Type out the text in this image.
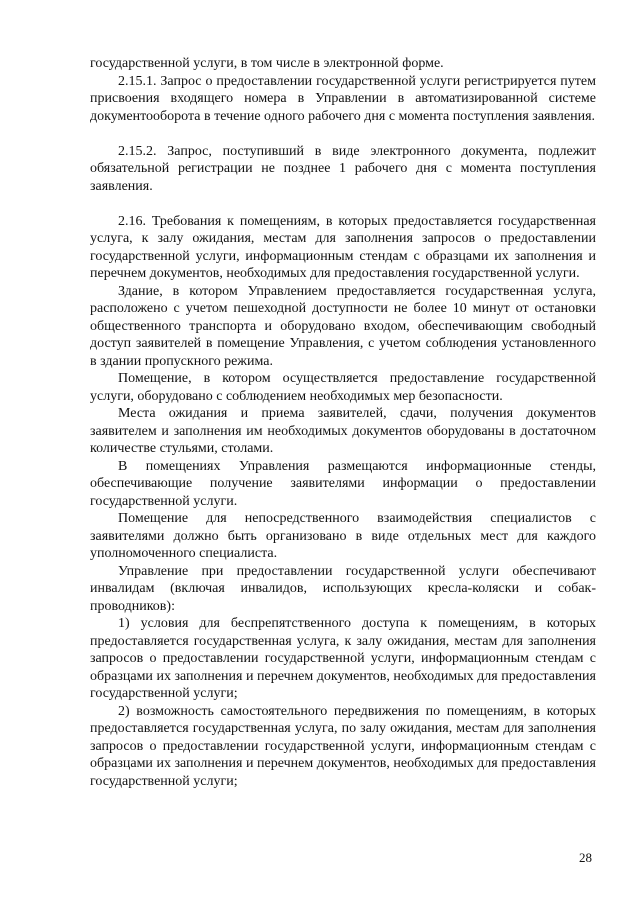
государственной услуги, в том числе в электронной форме.

2.15.1. Запрос о предоставлении государственной услуги регистрируется путем присвоения входящего номера в Управлении в автоматизированной системе документооборота в течение одного рабочего дня с момента поступления заявления.

2.15.2. Запрос, поступивший в виде электронного документа, подлежит обязательной регистрации не позднее 1 рабочего дня с момента поступления заявления.

2.16. Требования к помещениям, в которых предоставляется государственная услуга, к залу ожидания, местам для заполнения запросов о предоставлении государственной услуги, информационным стендам с образцами их заполнения и перечнем документов, необходимых для предоставления государственной услуги.

Здание, в котором Управлением предоставляется государственная услуга, расположено с учетом пешеходной доступности не более 10 минут от остановки общественного транспорта и оборудовано входом, обеспечивающим свободный доступ заявителей в помещение Управления, с учетом соблюдения установленного в здании пропускного режима.

Помещение, в котором осуществляется предоставление государственной услуги, оборудовано с соблюдением необходимых мер безопасности.

Места ожидания и приема заявителей, сдачи, получения документов заявителем и заполнения им необходимых документов оборудованы в достаточном количестве стульями, столами.

В помещениях Управления размещаются информационные стенды, обеспечивающие получение заявителями информации о предоставлении государственной услуги.

Помещение для непосредственного взаимодействия специалистов с заявителями должно быть организовано в виде отдельных мест для каждого уполномоченного специалиста.

Управление при предоставлении государственной услуги обеспечивают инвалидам (включая инвалидов, использующих кресла-коляски и собак-проводников):

1) условия для беспрепятственного доступа к помещениям, в которых предоставляется государственная услуга, к залу ожидания, местам для заполнения запросов о предоставлении государственной услуги, информационным стендам с образцами их заполнения и перечнем документов, необходимых для предоставления государственной услуги;

2) возможность самостоятельного передвижения по помещениям, в которых предоставляется государственная услуга, по залу ожидания, местам для заполнения запросов о предоставлении государственной услуги, информационным стендам с образцами их заполнения и перечнем документов, необходимых для предоставления государственной услуги;

28
